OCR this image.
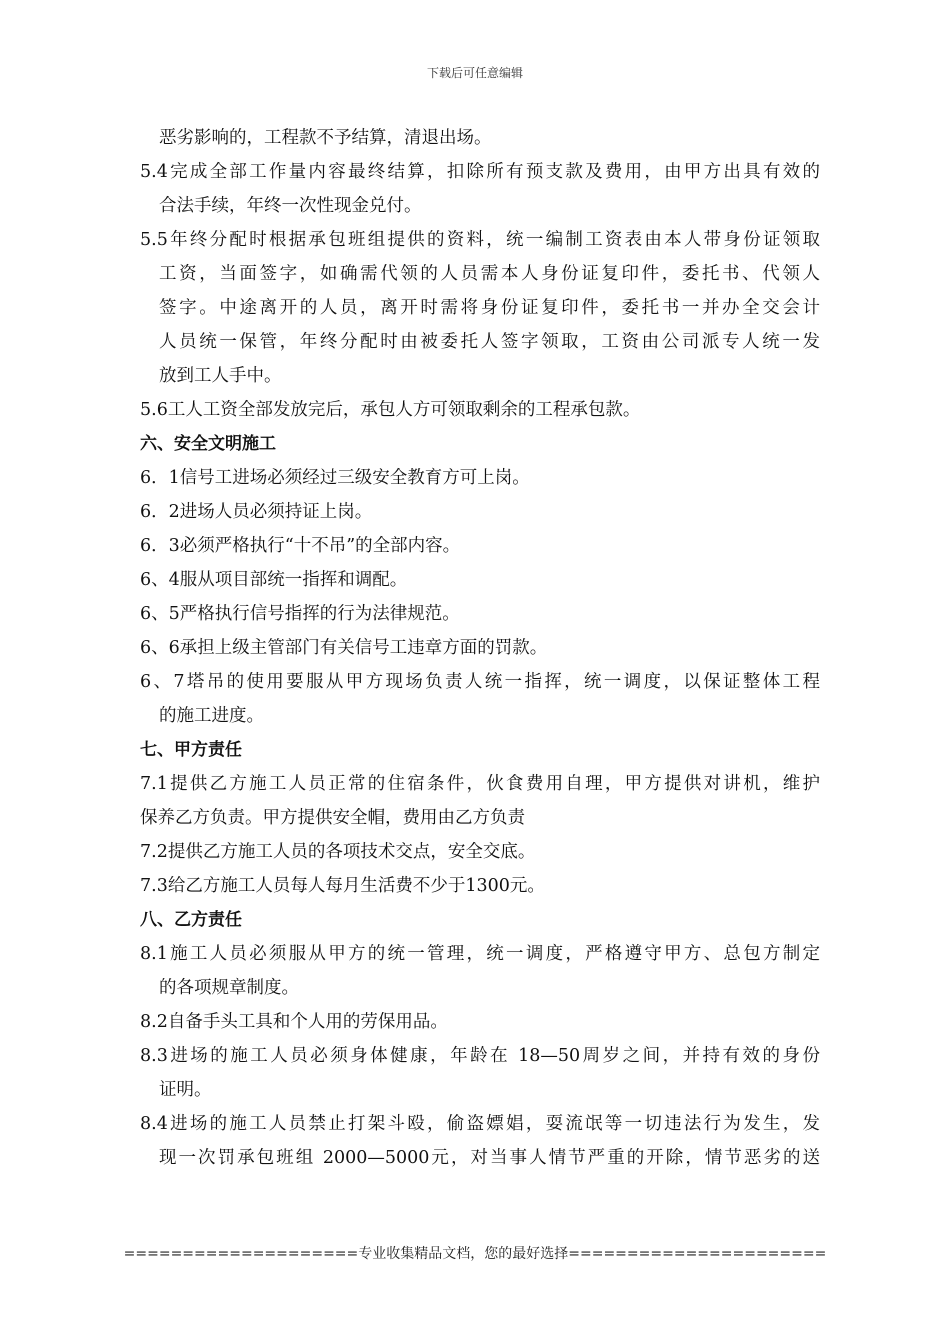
下载后可任意编辑
恶劣影响的，工程款不予结算，清退出场。
5.4完成全部工作量内容最终结算，扣除所有预支款及费用，由甲方出具有效的
合法手续，年终一次性现金兑付。
5.5年终分配时根据承包班组提供的资料，统一编制工资表由本人带身份证领取
工资，当面签字，如确需代领的人员需本人身份证复印件，委托书、代领人
签字。中途离开的人员，离开时需将身份证复印件，委托书一并办全交会计
人员统一保管，年终分配时由被委托人签字领取，工资由公司派专人统一发
放到工人手中。
5.6工人工资全部发放完后，承包人方可领取剩余的工程承包款。
六、安全文明施工
6．1信号工进场必须经过三级安全教育方可上岗。
6．2进场人员必须持证上岗。
6．3必须严格执行“十不吊”的全部内容。
6、4服从项目部统一指挥和调配。
6、5严格执行信号指挥的行为法律规范。
6、6承担上级主管部门有关信号工违章方面的罚款。
6、7塔吊的使用要服从甲方现场负责人统一指挥，统一调度，以保证整体工程
的施工进度。
七、甲方责任
7.1提供乙方施工人员正常的住宿条件，伙食费用自理，甲方提供对讲机，维护
保养乙方负责。甲方提供安全帽，费用由乙方负责
7.2提供乙方施工人员的各项技术交点，安全交底。
7.3给乙方施工人员每人每月生活费不少于1300元。
八、乙方责任
8.1施工人员必须服从甲方的统一管理，统一调度，严格遵守甲方、总包方制定
的各项规章制度。
8.2自备手头工具和个人用的劳保用品。
8.3进场的施工人员必须身体健康，年龄在 18—50周岁之间，并持有效的身份
证明。
8.4进场的施工人员禁止打架斗殴，偷盗嫖娼，耍流氓等一切违法行为发生，发
现一次罚承包班组 2000—5000元，对当事人情节严重的开除，情节恶劣的送
====================专业收集精品文档，您的最好选择======================
